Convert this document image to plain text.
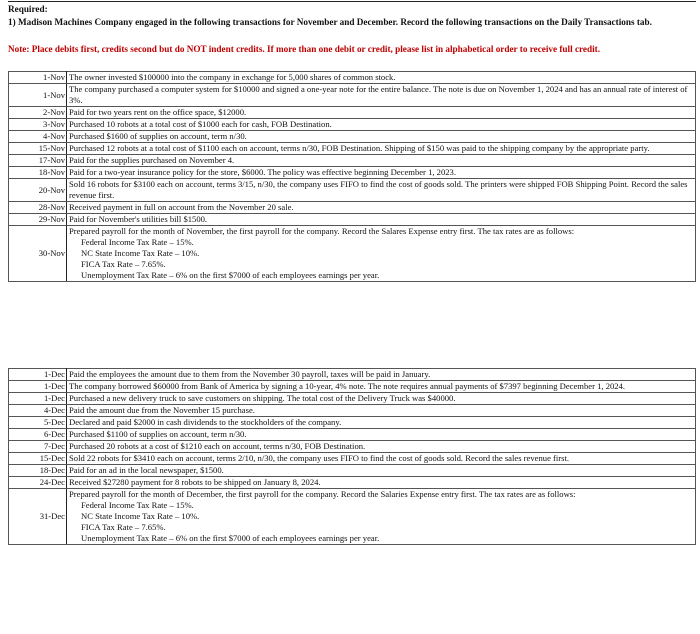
Required:
1) Madison Machines Company engaged in the following transactions for November and December. Record the following transactions on the Daily Transactions tab.
Note: Place debits first, credits second but do NOT indent credits. If more than one debit or credit, please list in alphabetical order to receive full credit.
1-Nov	The owner invested $100000 into the company in exchange for 5,000 shares of common stock.
1-Nov	The company purchased a computer system for $10000 and signed a one-year note for the entire balance. The note is due on November 1, 2024 and has an annual rate of interest of 3%.
2-Nov	Paid for two years rent on the office space, $12000.
3-Nov	Purchased 10 robots at a total cost of $1000 each for cash, FOB Destination.
4-Nov	Purchased $1600 of supplies on account, term n/30.
15-Nov	Purchased 12 robots at a total cost of $1100 each on account, terms n/30, FOB Destination. Shipping of $150 was paid to the shipping company by the appropriate party.
17-Nov	Paid for the supplies purchased on November 4.
18-Nov	Paid for a two-year insurance policy for the store, $6000. The policy was effective beginning December 1, 2023.
20-Nov	Sold 16 robots for $3100 each on account, terms 3/15, n/30, the company uses FIFO to find the cost of goods sold. The printers were shipped FOB Shipping Point. Record the sales revenue first.
28-Nov	Received payment in full on account from the November 20 sale.
29-Nov	Paid for November's utilities bill $1500.
30-Nov	Prepared payroll for the month of November, the first payroll for the company. Record the Salares Expense entry first. The tax rates are as follows:
Federal Income Tax Rate – 15%.
NC State Income Tax Rate – 10%.
FICA Tax Rate – 7.65%.
Unemployment Tax Rate – 6% on the first $7000 of each employees earnings per year.
1-Dec	Paid the employees the amount due to them from the November 30 payroll, taxes will be paid in January.
1-Dec	The company borrowed $60000 from Bank of America by signing a 10-year, 4% note. The note requires annual payments of $7397 beginning December 1, 2024.
1-Dec	Purchased a new delivery truck to save customers on shipping. The total cost of the Delivery Truck was $40000.
4-Dec	Paid the amount due from the November 15 purchase.
5-Dec	Declared and paid $2000 in cash dividends to the stockholders of the company.
6-Dec	Purchased $1100 of supplies on account, term n/30.
7-Dec	Purchased 20 robots at a cost of $1210 each on account, terms n/30, FOB Destination.
15-Dec	Sold 22 robots for $3410 each on account, terms 2/10, n/30, the company uses FIFO to find the cost of goods sold. Record the sales revenue first.
18-Dec	Paid for an ad in the local newspaper, $1500.
24-Dec	Received $27280 payment for 8 robots to be shipped on January 8, 2024.
31-Dec	Prepared payroll for the month of December, the first payroll for the company. Record the Salaries Expense entry first. The tax rates are as follows:
Federal Income Tax Rate – 15%.
NC State Income Tax Rate – 10%.
FICA Tax Rate – 7.65%.
Unemployment Tax Rate – 6% on the first $7000 of each employees earnings per year.
